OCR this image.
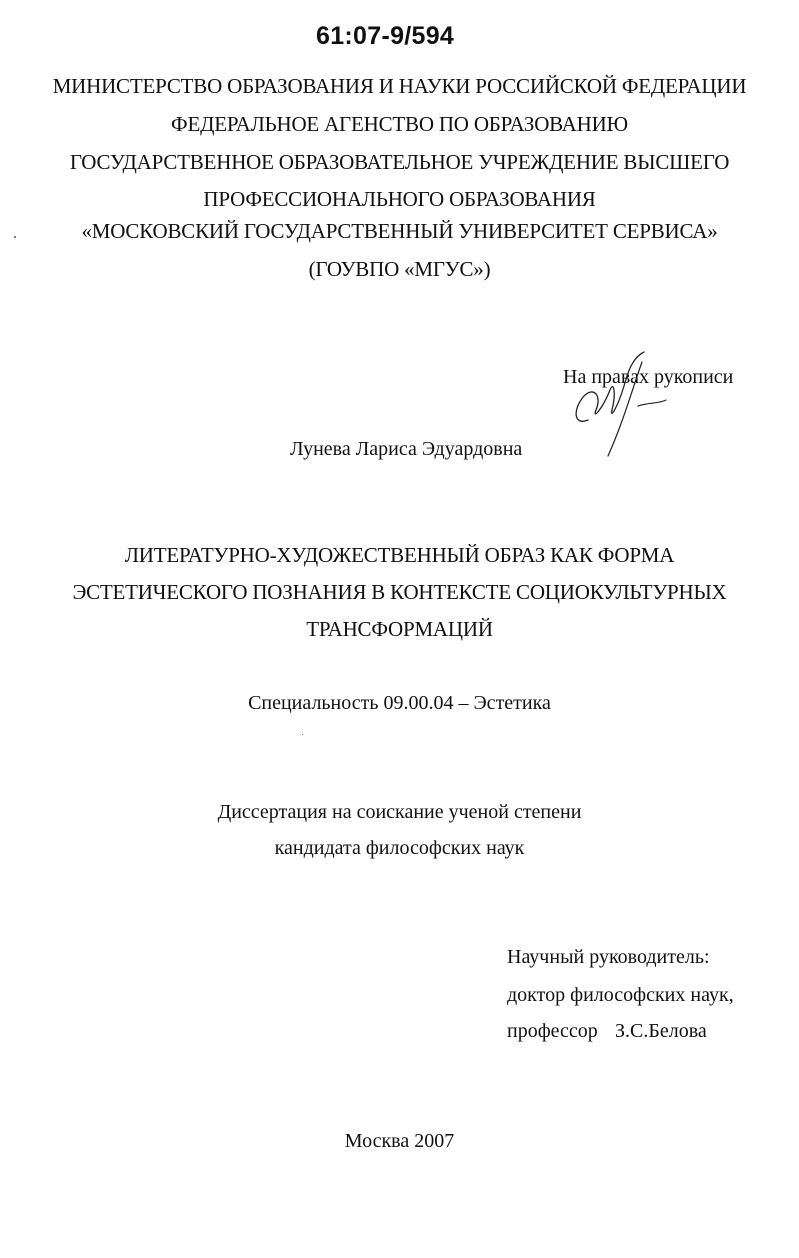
61:07-9/594
МИНИСТЕРСТВО ОБРАЗОВАНИЯ И НАУКИ РОССИЙСКОЙ ФЕДЕРАЦИИ
ФЕДЕРАЛЬНОЕ АГЕНСТВО ПО ОБРАЗОВАНИЮ
ГОСУДАРСТВЕННОЕ ОБРАЗОВАТЕЛЬНОЕ УЧРЕЖДЕНИЕ ВЫСШЕГО
ПРОФЕССИОНАЛЬНОГО ОБРАЗОВАНИЯ
«МОСКОВСКИЙ ГОСУДАРСТВЕННЫЙ УНИВЕРСИТЕТ СЕРВИСА»
(ГОУВПО «МГУС»)
На правах рукописи
Лунева Лариса Эдуардовна
ЛИТЕРАТУРНО-ХУДОЖЕСТВЕННЫЙ ОБРАЗ КАК ФОРМА
ЭСТЕТИЧЕСКОГО ПОЗНАНИЯ В КОНТЕКСТЕ СОЦИОКУЛЬТУРНЫХ
ТРАНСФОРМАЦИЙ
Специальность 09.00.04 – Эстетика
Диссертация на соискание ученой степени
кандидата философских наук
Научный руководитель:
доктор философских наук,
профессор З.С.Белова
Москва 2007
